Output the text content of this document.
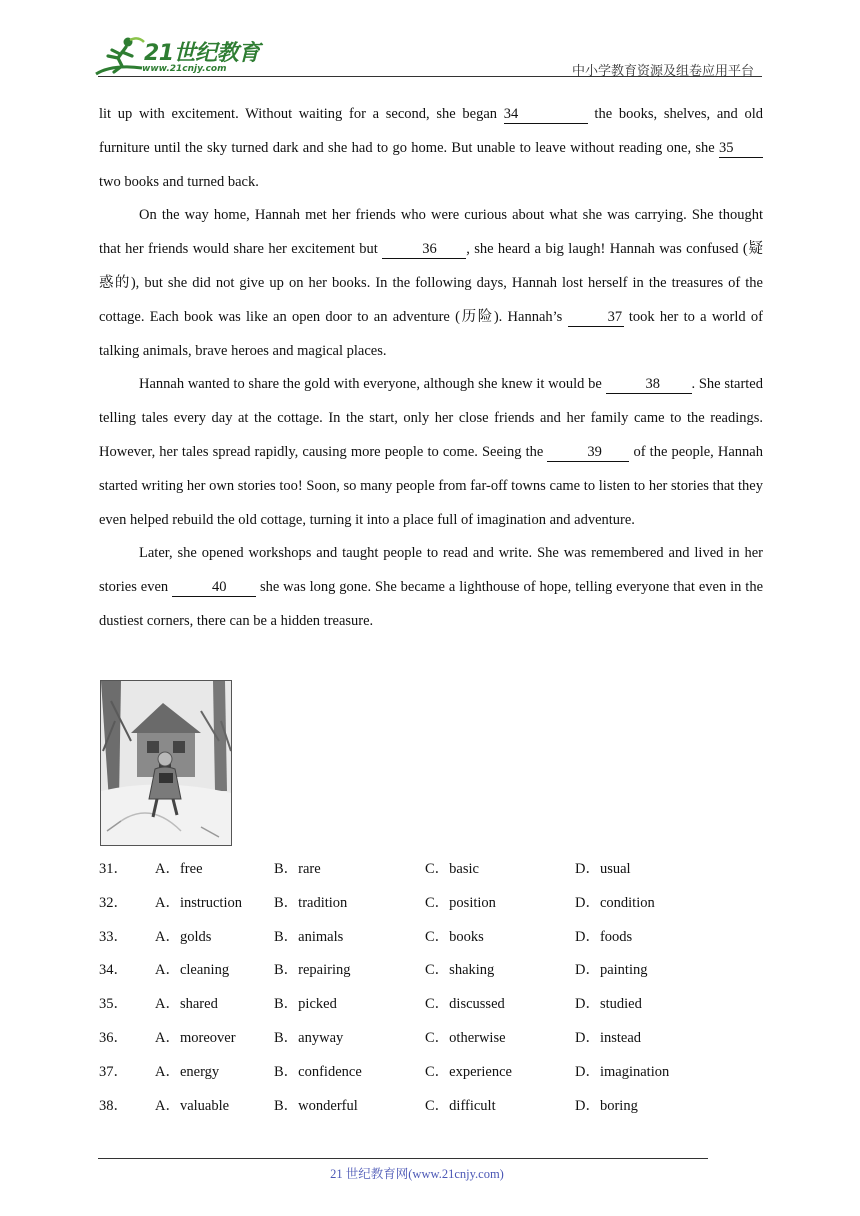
21世纪教育
www.21cnjy.com	中小学教育资源及组卷应用平台

lit up with excitement. Without waiting for a second, she began 34	the books, shelves, and old furniture until the sky turned dark and she had to go home. But unable to leave without reading one, she 35 two books and turned back.

On the way home, Hannah met her friends who were curious about what she was carrying. She thought that her friends would share her excitement but	36 , she heard a big laugh! Hannah was confused (疑惑的), but she did not give up on her books. In the following days, Hannah lost herself in the treasures of the cottage. Each book was like an open door to an adventure (历险). Hannah’s	37 took her to a world of talking animals, brave heroes and magical places.

Hannah wanted to share the gold with everyone, although she knew it would be	38 . She started telling tales every day at the cottage. In the start, only her close friends and her family came to the readings. However, her tales spread rapidly, causing more people to come. Seeing the	39 of the people, Hannah started writing her own stories too! Soon, so many people from far-off towns came to listen to her stories that they even helped rebuild the old cottage, turning it into a place full of imagination and adventure.

Later, she opened workshops and taught people to read and write. She was remembered and lived in her stories even	40 she was long gone. She became a lighthouse of hope, telling everyone that even in the dustiest corners, there can be a hidden treasure.

31． A．free	B．rare	C．basic	D．usual
32． A．instruction B．tradition	C．position	D．condition
33． A．golds	B．animals	C．books	D．foods
34． A．cleaning	B．repairing	C．shaking	D．painting
35． A．shared	B．picked	C．discussed	D．studied
36． A．moreover	B．anyway	C．otherwise	D．instead
37． A．energy	B．confidence	C．experience	D．imagination
38． A．valuable	B．wonderful	C．difficult	D．boring
21 世纪教育网(www.21cnjy.com)
